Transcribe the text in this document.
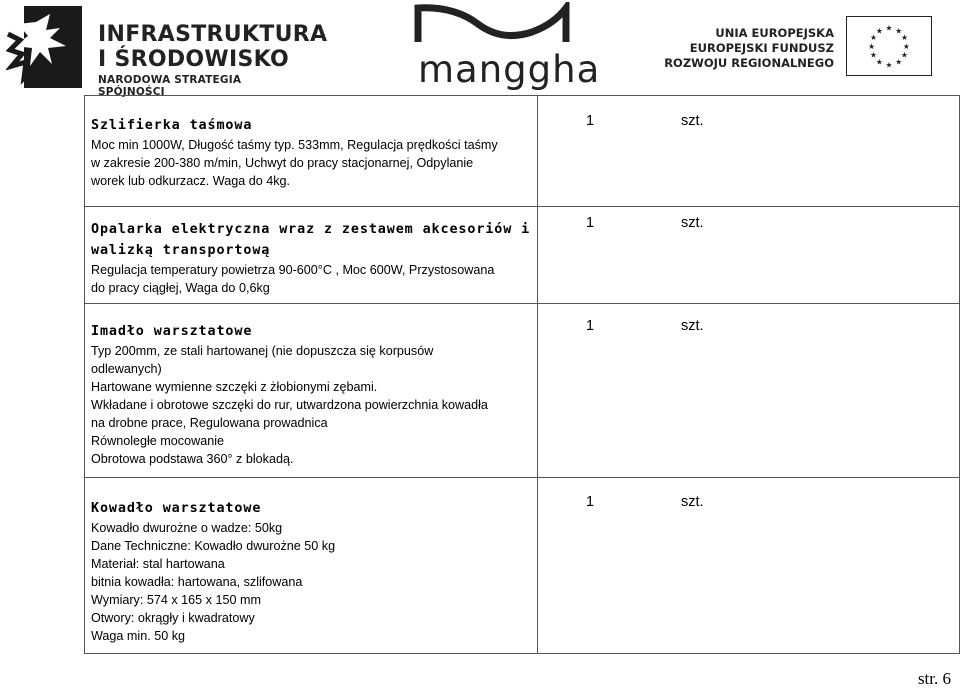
INFRASTRUKTURA
I ŚRODOWISKO
NARODOWA STRATEGIA SPÓJNOŚCI
manggha
UNIA EUROPEJSKA
EUROPEJSKI FUNDUSZ
ROZWOJU REGIONALNEGO
★ ★
★
★
★
★
★
★
★
★
★
★
Szlifierka taśmowa
Moc min 1000W, Długość taśmy typ. 533mm, Regulacja prędkości taśmy
w zakresie 200-380 m/min, Uchwyt do pracy stacjonarnej, Odpylanie
worek lub odkurzacz. Waga do 4kg.
1	szt.
Opalarka elektryczna wraz z zestawem akcesoriów i
walizką transportową
Regulacja temperatury powietrza 90-600°C , Moc 600W, Przystosowana
do pracy ciągłej, Waga do 0,6kg
1	szt.
Imadło warsztatowe
Typ 200mm, ze stali hartowanej (nie dopuszcza się korpusów
odlewanych)
Hartowane wymienne szczęki z żłobionymi zębami.
Wkładane i obrotowe szczęki do rur, utwardzona powierzchnia kowadła
na drobne prace, Regulowana prowadnica
Równoległe mocowanie
Obrotowa podstawa 360° z blokadą.
1	szt.
Kowadło warsztatowe
Kowadło dwurożne o wadze: 50kg
Dane Techniczne: Kowadło dwurożne 50 kg
Materiał: stal hartowana
bitnia kowadła: hartowana, szlifowana
Wymiary: 574 x 165 x 150 mm
Otwory: okrągły i kwadratowy
Waga min. 50 kg
1	szt.
str. 6
